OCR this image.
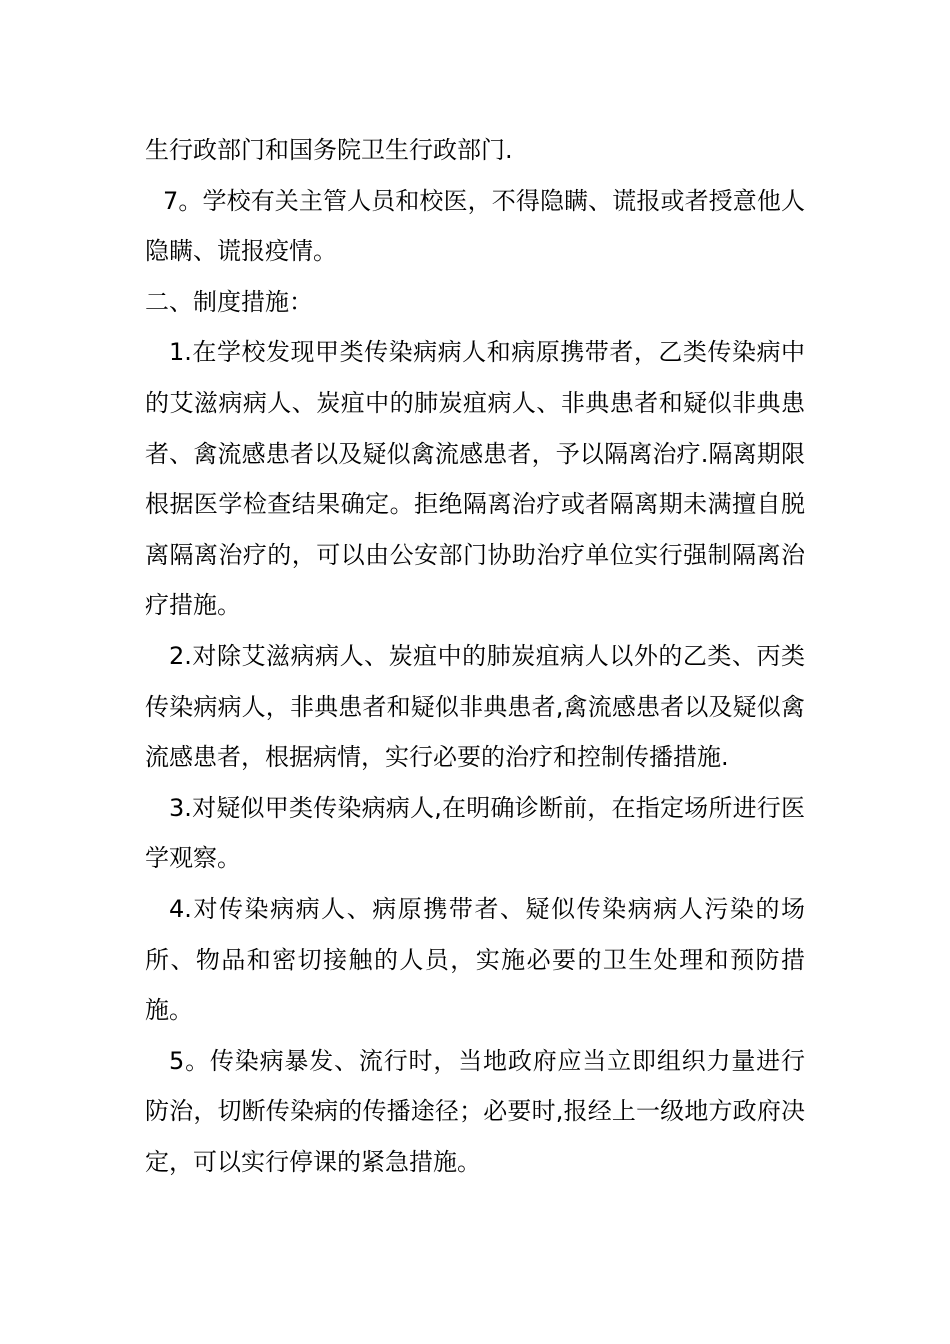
生行政部门和国务院卫生行政部门.

7。学校有关主管人员和校医，不得隐瞒、谎报或者授意他人隐瞒、谎报疫情。

二、制度措施：

1.在学校发现甲类传染病病人和病原携带者，乙类传染病中的艾滋病病人、炭疽中的肺炭疽病人、非典患者和疑似非典患者、禽流感患者以及疑似禽流感患者，予以隔离治疗.隔离期限根据医学检查结果确定。拒绝隔离治疗或者隔离期未满擅自脱离隔离治疗的，可以由公安部门协助治疗单位实行强制隔离治疗措施。

2.对除艾滋病病人、炭疽中的肺炭疽病人以外的乙类、丙类传染病病人，非典患者和疑似非典患者,禽流感患者以及疑似禽流感患者，根据病情，实行必要的治疗和控制传播措施.

3.对疑似甲类传染病病人,在明确诊断前，在指定场所进行医学观察。

4.对传染病病人、病原携带者、疑似传染病病人污染的场所、物品和密切接触的人员，实施必要的卫生处理和预防措施。

5。传染病暴发、流行时，当地政府应当立即组织力量进行防治，切断传染病的传播途径；必要时,报经上一级地方政府决定，可以实行停课的紧急措施。
